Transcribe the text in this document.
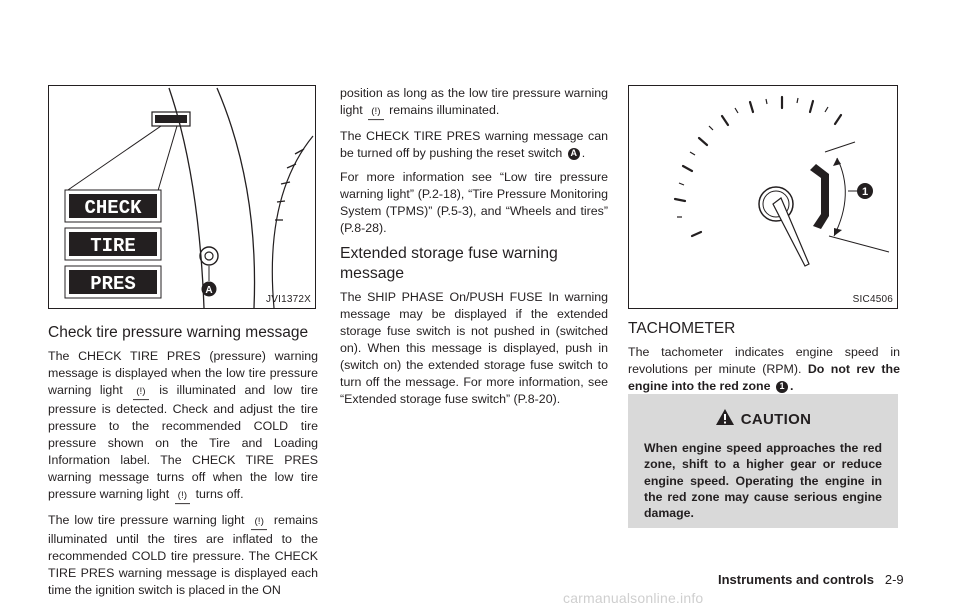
CHECK
TIRE
PRES	A
JVI1372X
Check tire pressure warning message

The CHECK TIRE PRES (pressure) warning message is displayed when the low tire pressure warning light (!) is illuminated and low tire pressure is detected. Check and adjust the tire pressure to the recommended COLD tire pressure shown on the Tire and Loading Information label. The CHECK TIRE PRES warning message turns off when the low tire pressure warning light (!) turns off.

The low tire pressure warning light (!) remains illuminated until the tires are inflated to the recommended COLD tire pressure. The CHECK TIRE PRES warning message is displayed each time the ignition switch is placed in the ON

position as long as the low tire pressure warning light (!) remains illuminated.

The CHECK TIRE PRES warning message can be turned off by pushing the reset switch A .

For more information see “Low tire pressure warning light” (P.2-18), “Tire Pressure Monitoring System (TPMS)” (P.5-3), and “Wheels and tires” (P.8-28).

Extended storage fuse warning message

The SHIP PHASE On/PUSH FUSE In warning message may be displayed if the extended storage fuse switch is not pushed in (switched on). When this message is displayed, push in (switch on) the extended storage fuse switch to turn off the message. For more information, see “Extended storage fuse switch” (P.8-20).

1
SIC4506
TACHOMETER

The tachometer indicates engine speed in revolutions per minute (RPM). Do not rev the engine into the red zone 1 .

CAUTION
When engine speed approaches the red zone, shift to a higher gear or reduce engine speed. Operating the engine in the red zone may cause serious engine damage.
Instruments and controls 2-9
carmanualsonline.info
